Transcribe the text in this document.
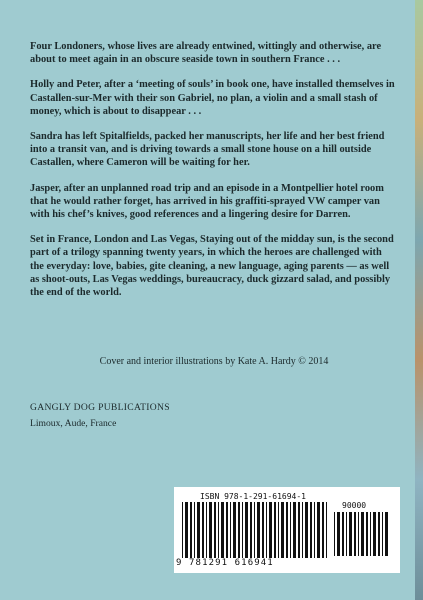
Four Londoners, whose lives are already entwined, wittingly and otherwise, are about to meet again in an obscure seaside town in southern France . . .

Holly and Peter, after a ‘meeting of souls’ in book one, have installed themselves in Castallen-sur-Mer with their son Gabriel, no plan, a violin and a small stash of money, which is about to disappear . . .

Sandra has left Spitalfields, packed her manuscripts, her life and her best friend into a transit van, and is driving towards a small stone house on a hill outside Castallen, where Cameron will be waiting for her.

Jasper, after an unplanned road trip and an episode in a Montpellier hotel room that he would rather forget, has arrived in his graffiti-sprayed VW camper van with his chef’s knives, good references and a lingering desire for Darren.

Set in France, London and Las Vegas, Staying out of the midday sun, is the second part of a trilogy spanning twenty years, in which the heroes are challenged with the everyday: love, babies, gite cleaning, a new language, aging parents — as well as shoot-outs, Las Vegas weddings, bureaucracy, duck gizzard salad, and possibly the end of the world.

Cover and interior illustrations by Kate A. Hardy © 2014
GANGLY DOG PUBLICATIONS
Limoux, Aude, France
ISBN 978-1-291-61694-1
90000
9 781291 616941
